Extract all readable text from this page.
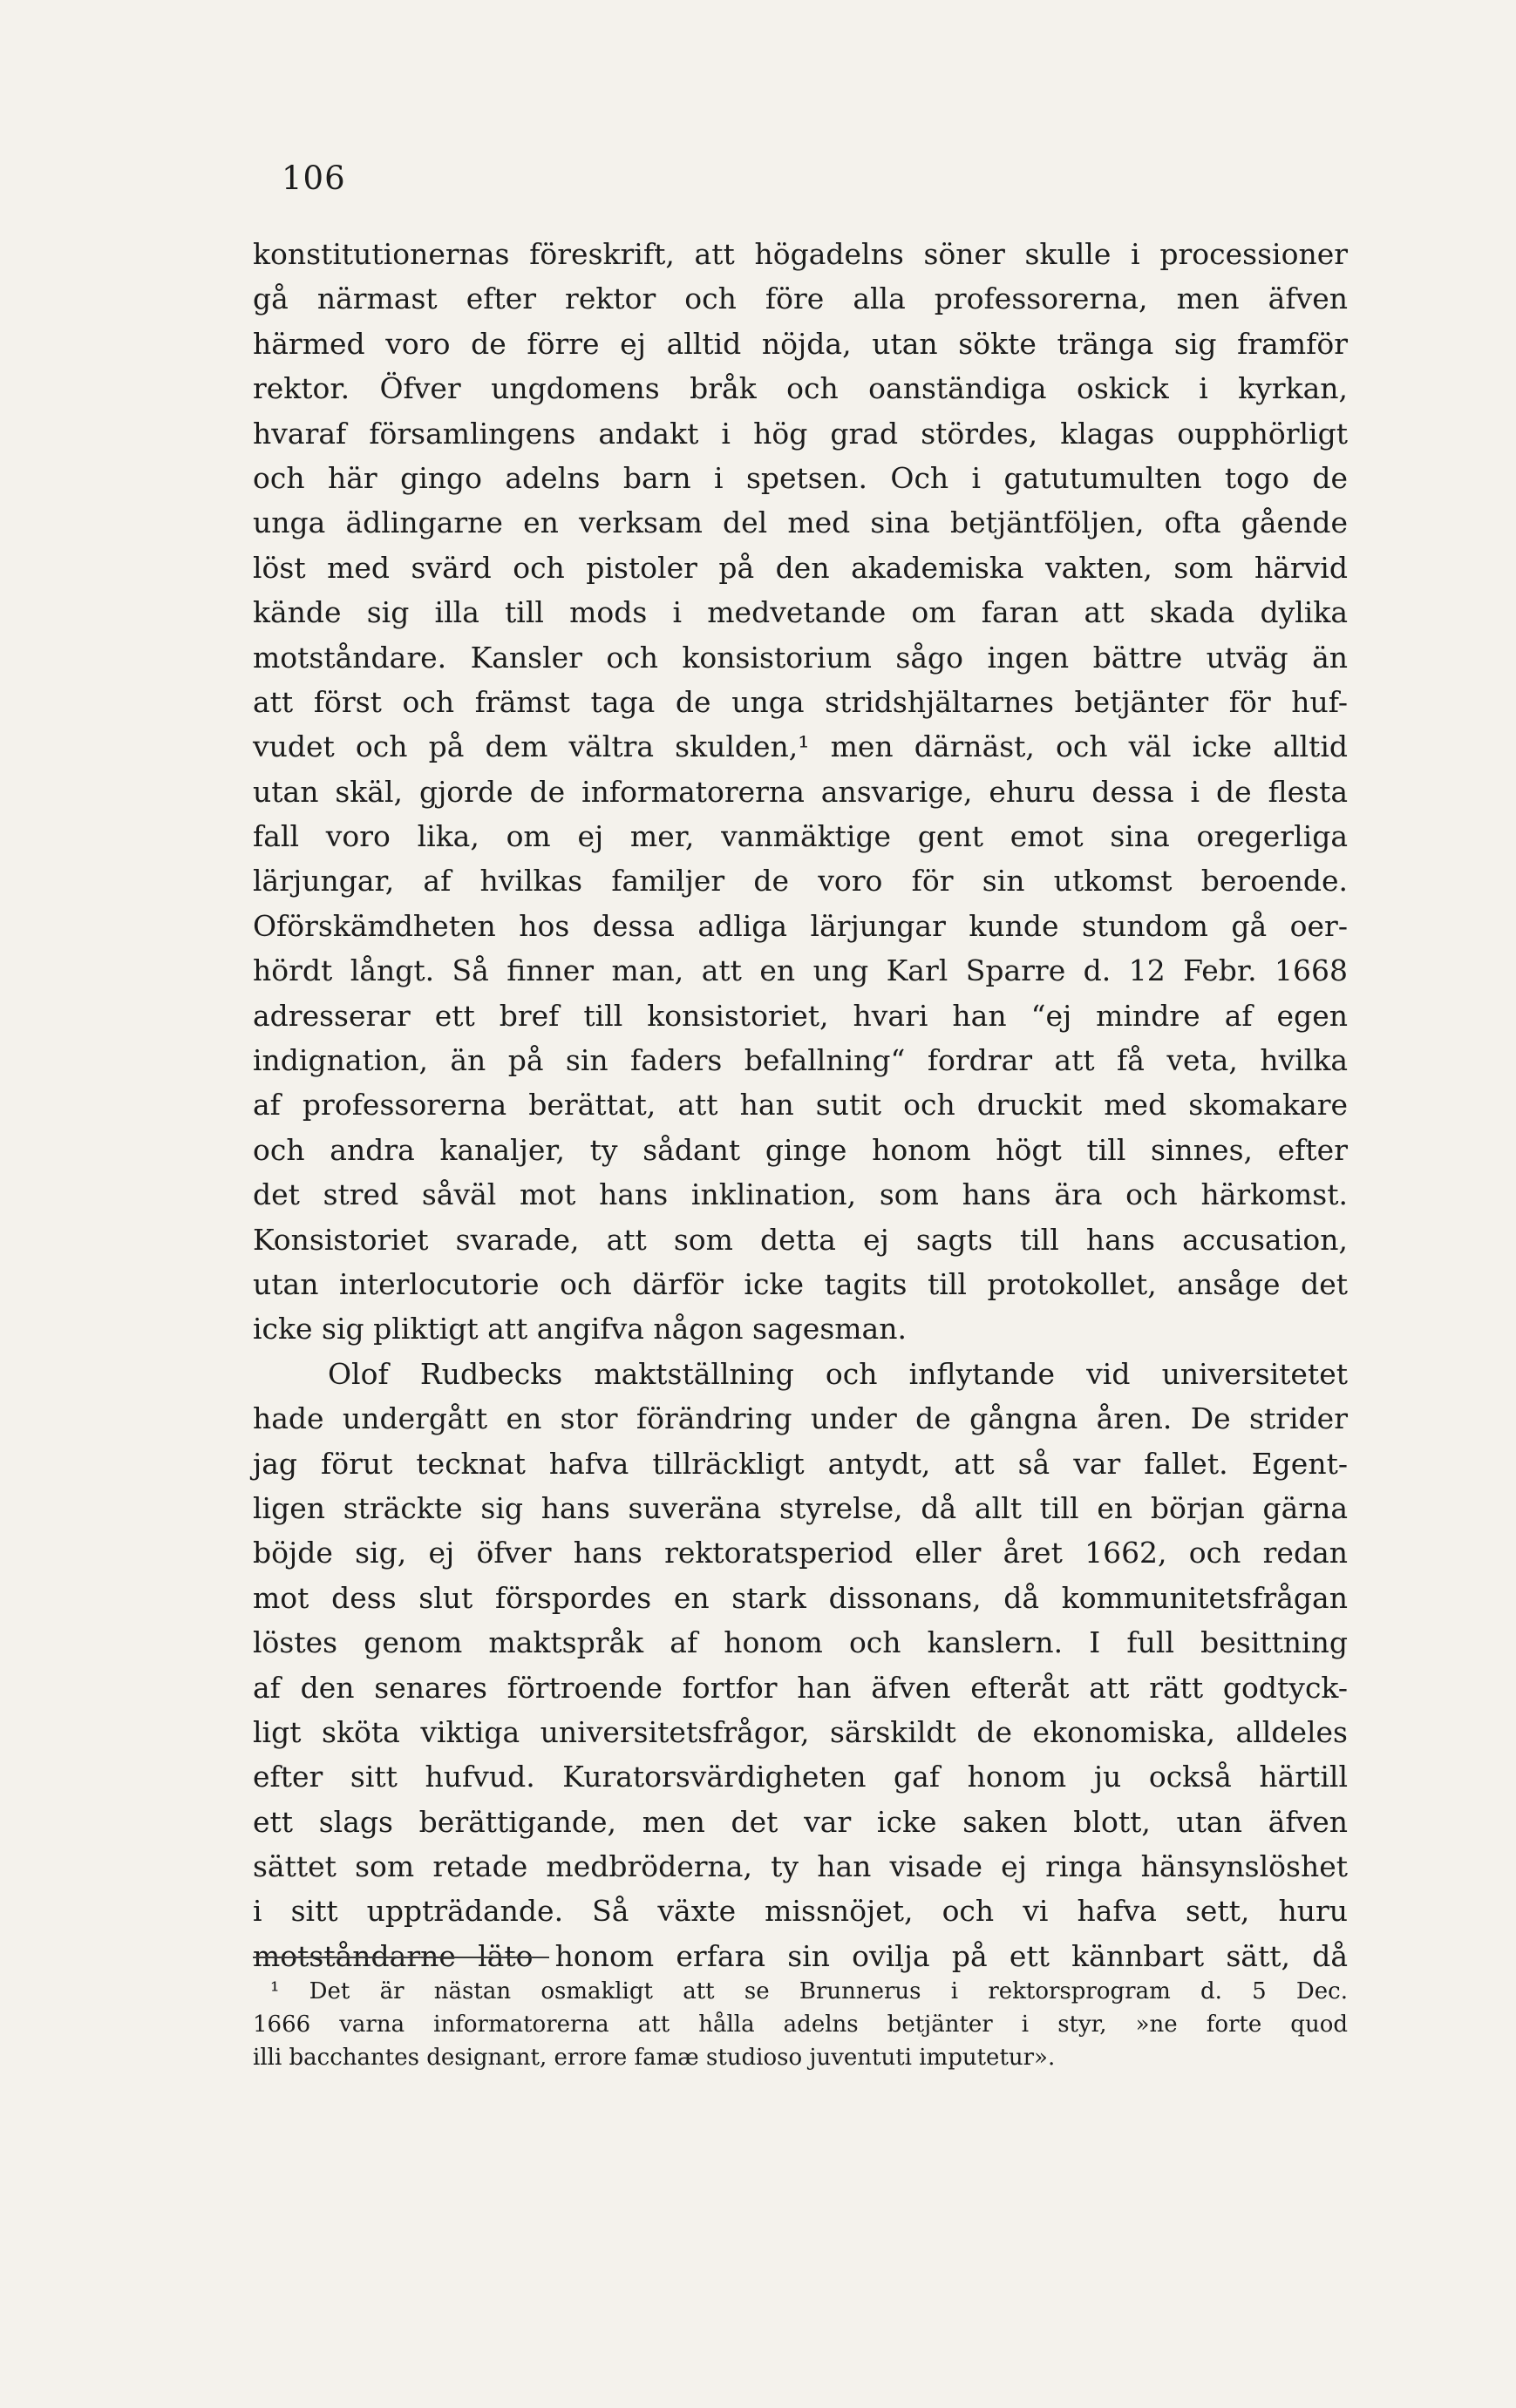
106
konstitutionernas föreskrift, att högadelns söner skulle i processioner
gå närmast efter rektor och före alla professorerna, men äfven
härmed voro de förre ej alltid nöjda, utan sökte tränga sig framför
rektor. Öfver ungdomens bråk och oanständiga oskick i kyrkan,
hvaraf församlingens andakt i hög grad stördes, klagas oupphörligt
och här gingo adelns barn i spetsen. Och i gatutumulten togo de
unga ädlingarne en verksam del med sina betjäntföljen, ofta gående
löst med svärd och pistoler på den akademiska vakten, som härvid
kände sig illa till mods i medvetande om faran att skada dylika
motståndare. Kansler och konsistorium sågo ingen bättre utväg än
att först och främst taga de unga stridshjältarnes betjänter för huf-
vudet och på dem vältra skulden,¹ men därnäst, och väl icke alltid
utan skäl, gjorde de informatorerna ansvarige, ehuru dessa i de flesta
fall voro lika, om ej mer, vanmäktige gent emot sina oregerliga
lärjungar, af hvilkas familjer de voro för sin utkomst beroende.
Oförskämdheten hos dessa adliga lärjungar kunde stundom gå oer-
hördt långt. Så finner man, att en ung Karl Sparre d. 12 Febr. 1668
adresserar ett bref till konsistoriet, hvari han “ej mindre af egen
indignation, än på sin faders befallning“ fordrar att få veta, hvilka
af professorerna berättat, att han sutit och druckit med skomakare
och andra kanaljer, ty sådant ginge honom högt till sinnes, efter
det stred såväl mot hans inklination, som hans ära och härkomst.
Konsistoriet svarade, att som detta ej sagts till hans accusation,
utan interlocutorie och därför icke tagits till protokollet, ansåge det
icke sig pliktigt att angifva någon sagesman.
Olof Rudbecks maktställning och inflytande vid universitetet
hade undergått en stor förändring under de gångna åren. De strider
jag förut tecknat hafva tillräckligt antydt, att så var fallet. Egent-
ligen sträckte sig hans suveräna styrelse, då allt till en början gärna
böjde sig, ej öfver hans rektoratsperiod eller året 1662, och redan
mot dess slut förspordes en stark dissonans, då kommunitetsfrågan
löstes genom maktspråk af honom och kanslern. I full besittning
af den senares förtroende fortfor han äfven efteråt att rätt godtyck-
ligt sköta viktiga universitetsfrågor, särskildt de ekonomiska, alldeles
efter sitt hufvud. Kuratorsvärdigheten gaf honom ju också härtill
ett slags berättigande, men det var icke saken blott, utan äfven
sättet som retade medbröderna, ty han visade ej ringa hänsynslöshet
i sitt uppträdande. Så växte missnöjet, och vi hafva sett, huru
motståndarne läto honom erfara sin ovilja på ett kännbart sätt, då
¹ Det är nästan osmakligt att se Brunnerus i rektorsprogram d. 5 Dec.
1666 varna informatorerna att hålla adelns betjänter i styr, »ne forte quod
illi bacchantes designant, errore famæ studioso juventuti imputetur».
